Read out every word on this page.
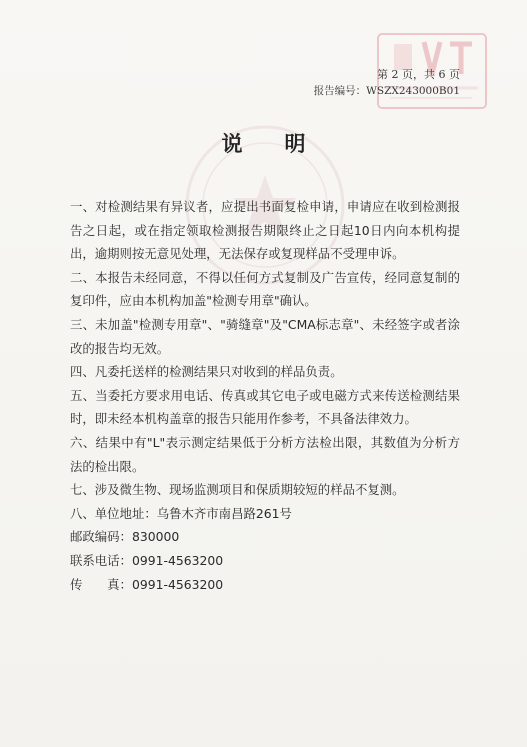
第 2 页，共 6 页
报告编号：WSZX243000B01
说明

一、对检测结果有异议者，应提出书面复检申请，申请应在收到检测报告之日起，或在指定领取检测报告期限终止之日起10日内向本机构提出，逾期则按无意见处理，无法保存或复现样品不受理申诉。

二、本报告未经同意，不得以任何方式复制及广告宣传，经同意复制的复印件，应由本机构加盖"检测专用章"确认。

三、未加盖"检测专用章"、"骑缝章"及"CMA标志章"、未经签字或者涂改的报告均无效。

四、凡委托送样的检测结果只对收到的样品负责。

五、当委托方要求用电话、传真或其它电子或电磁方式来传送检测结果时，即未经本机构盖章的报告只能用作参考，不具备法律效力。

六、结果中有"L"表示测定结果低于分析方法检出限，其数值为分析方法的检出限。

七、涉及微生物、现场监测项目和保质期较短的样品不复测。

八、单位地址：乌鲁木齐市南昌路261号

邮政编码：830000

联系电话：0991-4563200

传　　真：0991-4563200
